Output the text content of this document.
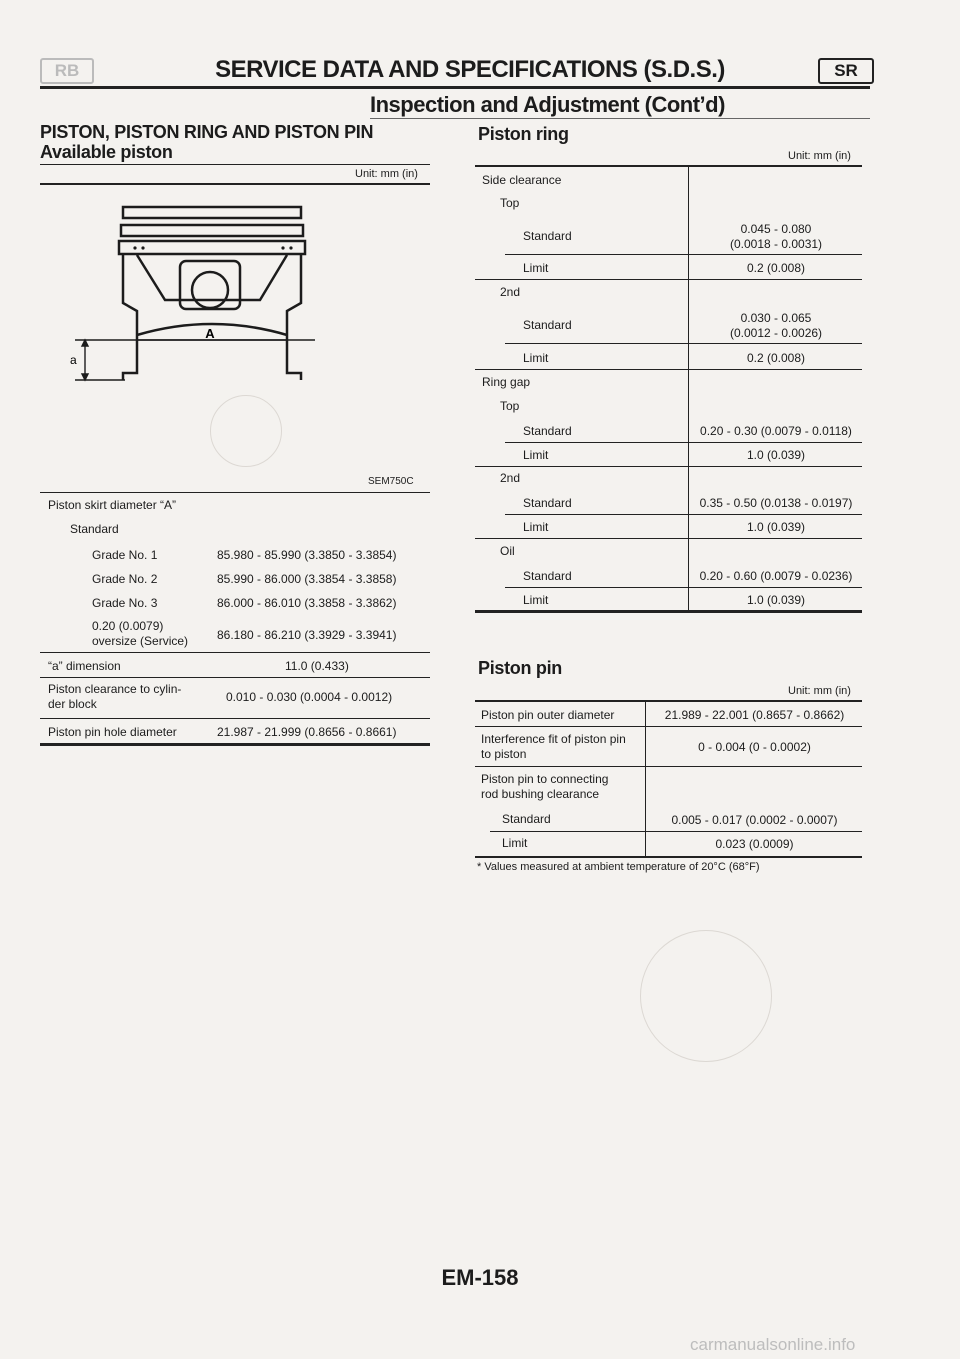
RB	SERVICE DATA AND SPECIFICATIONS (S.D.S.)	SR
Inspection and Adjustment (Cont’d)
PISTON, PISTON RING AND PISTON PIN
Available piston
Unit: mm (in)
A
a
SEM750C
Piston skirt diameter “A”
Standard
Grade No. 1	85.980 - 85.990 (3.3850 - 3.3854)
Grade No. 2	85.990 - 86.000 (3.3854 - 3.3858)
Grade No. 3	86.000 - 86.010 (3.3858 - 3.3862)
0.20 (0.0079)
oversize (Service) 86.180 - 86.210 (3.3929 - 3.3941)
“a” dimension	11.0 (0.433)
Piston clearance to cylin-
der block	0.010 - 0.030 (0.0004 - 0.0012)
Piston pin hole diameter	21.987 - 21.999 (0.8656 - 0.8661)
Piston ring
Unit: mm (in)
Side clearance
Top
Standard	0.045 - 0.080
(0.0018 - 0.0031)
Limit	0.2 (0.008)
2nd
Standard	0.030 - 0.065
(0.0012 - 0.0026)
Limit	0.2 (0.008)
Ring gap
Top
Standard	0.20 - 0.30 (0.0079 - 0.0118)
Limit	1.0 (0.039)
2nd
Standard	0.35 - 0.50 (0.0138 - 0.0197)
Limit	1.0 (0.039)
Oil
Standard	0.20 - 0.60 (0.0079 - 0.0236)
Limit	1.0 (0.039)
Piston pin
Unit: mm (in)
Piston pin outer diameter	21.989 - 22.001 (0.8657 - 0.8662)
Interference fit of piston pin
to piston	0 - 0.004 (0 - 0.0002)
Piston pin to connecting
rod bushing clearance
Standard	0.005 - 0.017 (0.0002 - 0.0007)
Limit	0.023 (0.0009)
* Values measured at ambient temperature of 20°C (68°F)
EM-158
carmanualsonline.info
